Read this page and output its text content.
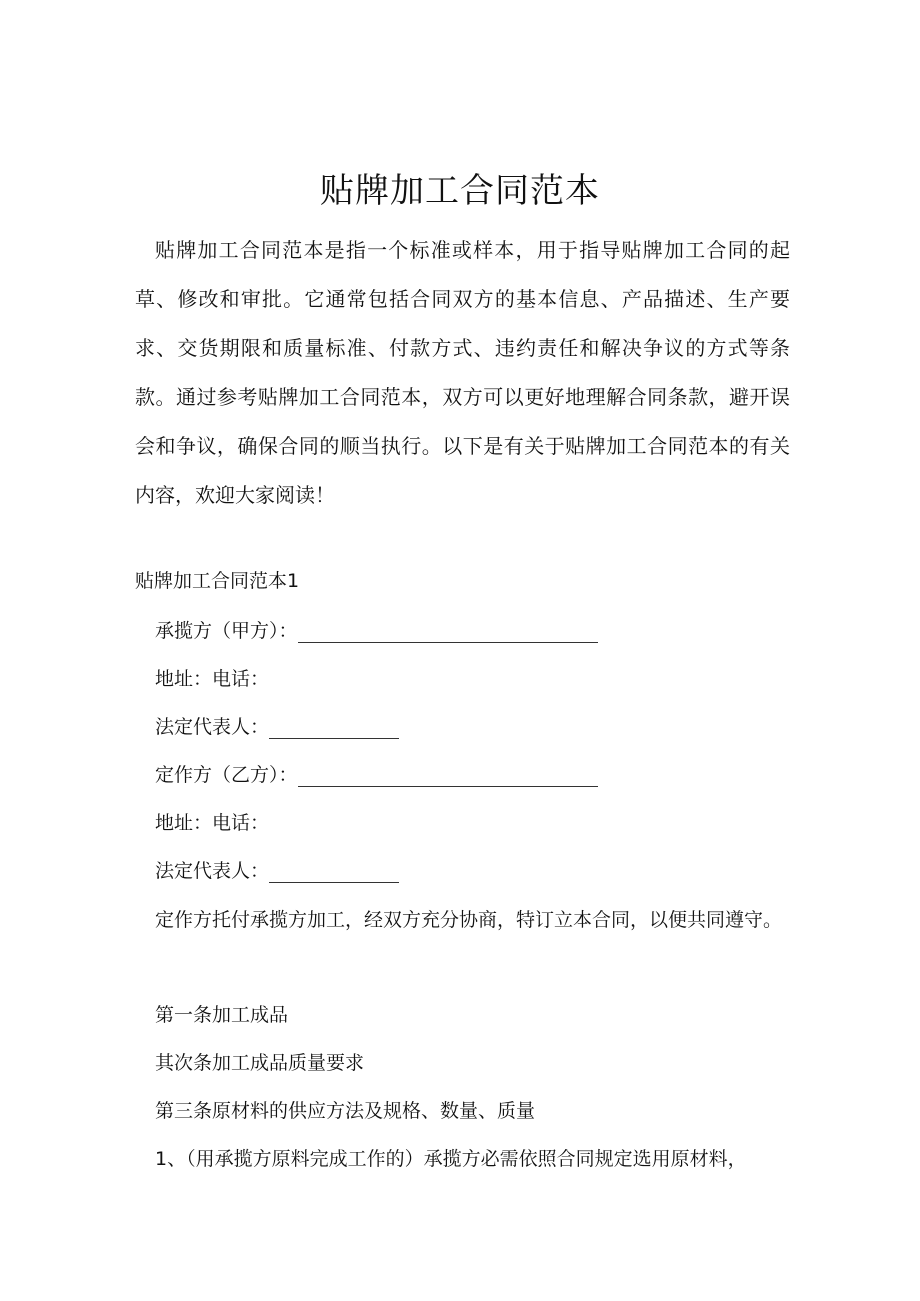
贴牌加工合同范本

贴牌加工合同范本是指一个标准或样本，用于指导贴牌加工合同的起草、修改和审批。它通常包括合同双方的基本信息、产品描述、生产要求、交货期限和质量标准、付款方式、违约责任和解决争议的方式等条款。通过参考贴牌加工合同范本，双方可以更好地理解合同条款，避开误会和争议，确保合同的顺当执行。以下是有关于贴牌加工合同范本的有关内容，欢迎大家阅读！

贴牌加工合同范本1

承揽方（甲方）：

地址：电话：

法定代表人：

定作方（乙方）：

地址：电话：

法定代表人：

定作方托付承揽方加工，经双方充分协商，特订立本合同，以便共同遵守。

第一条加工成品

其次条加工成品质量要求

第三条原材料的供应方法及规格、数量、质量

1、（用承揽方原料完成工作的）承揽方必需依照合同规定选用原材料，
